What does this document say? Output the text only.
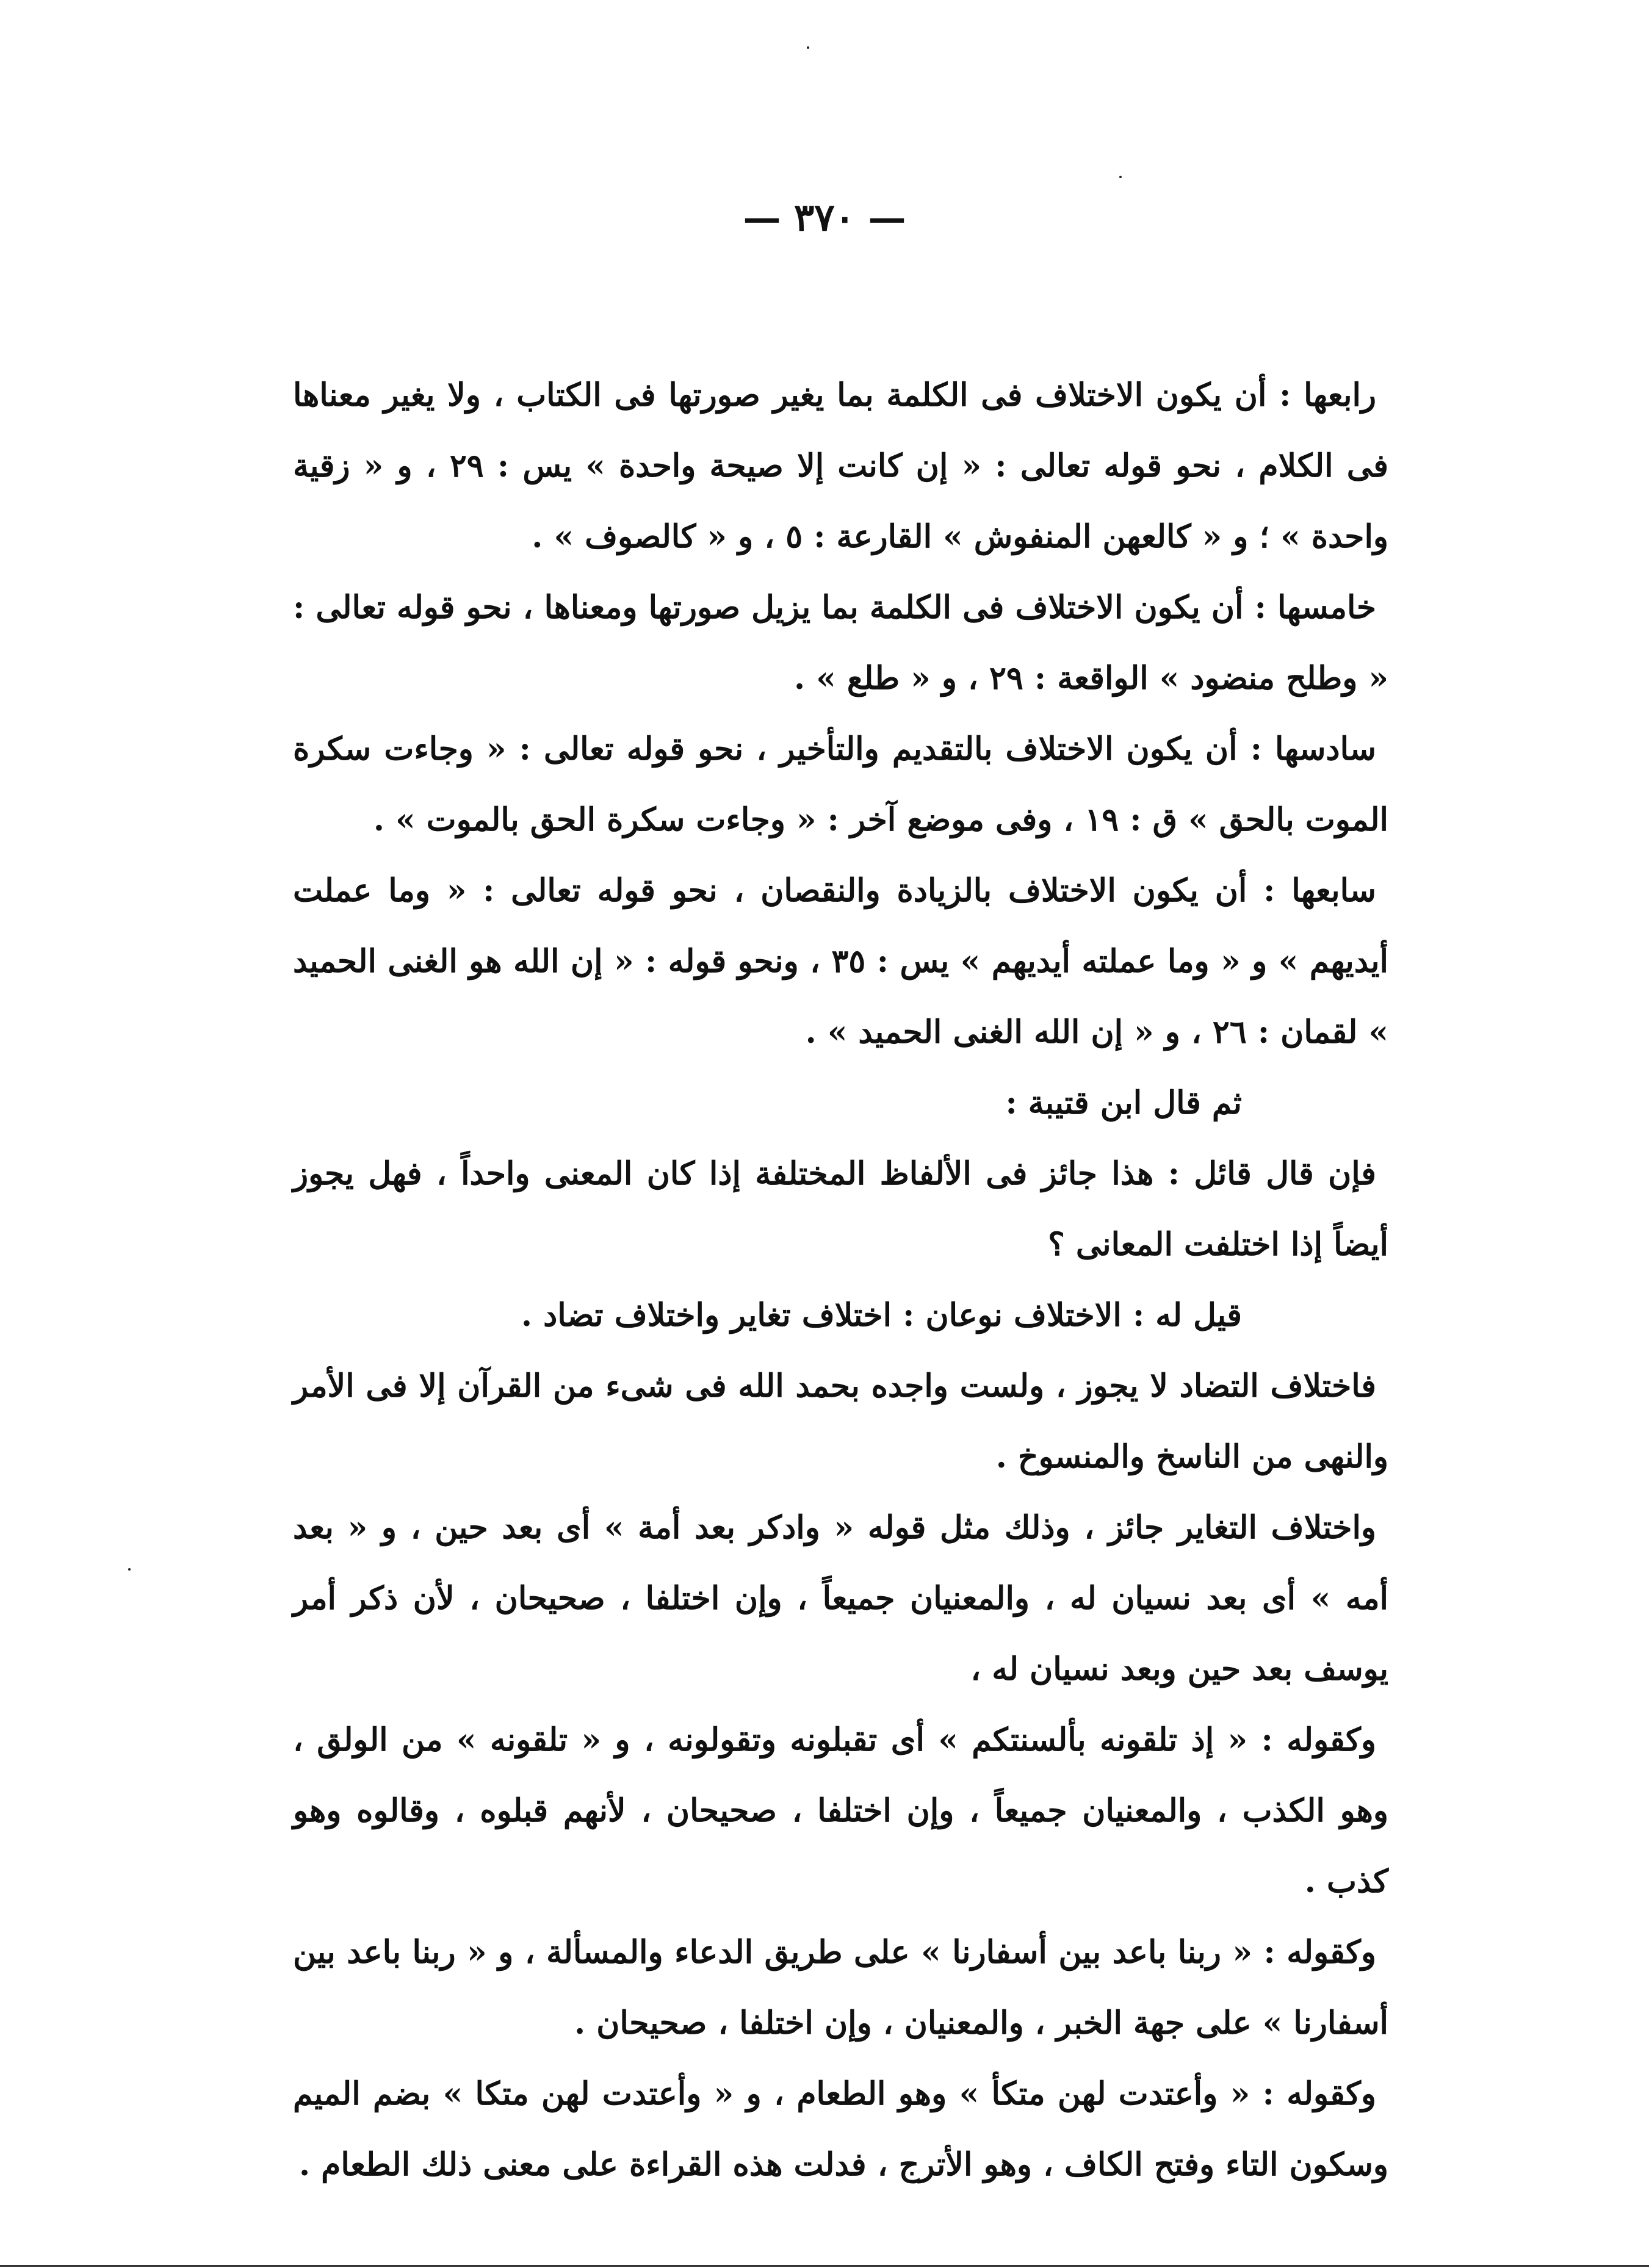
— ٣٧٠ —

رابعها : أن يكون الاختلاف فى الكلمة بما يغير صورتها فى الكتاب ، ولا يغير معناها فى الكلام ، نحو قوله تعالى : « إن كانت إلا صيحة واحدة » يس : ٢٩ ، و « زقية واحدة » ؛ و « كالعهن المنفوش » القارعة : ٥ ، و « كالصوف » .

خامسها : أن يكون الاختلاف فى الكلمة بما يزيل صورتها ومعناها ، نحو قوله تعالى : « وطلح منضود » الواقعة : ٢٩ ، و « طلع » .

سادسها : أن يكون الاختلاف بالتقديم والتأخير ، نحو قوله تعالى : « وجاءت سكرة الموت بالحق » ق : ١٩ ، وفى موضع آخر : « وجاءت سكرة الحق بالموت » .

سابعها : أن يكون الاختلاف بالزيادة والنقصان ، نحو قوله تعالى : « وما عملت أيديهم » و « وما عملته أيديهم » يس : ٣٥ ، ونحو قوله : « إن الله هو الغنى الحميد » لقمان : ٢٦ ، و « إن الله الغنى الحميد » .

ثم قال ابن قتيبة :

فإن قال قائل : هذا جائز فى الألفاظ المختلفة إذا كان المعنى واحداً ، فهل يجوز أيضاً إذا اختلفت المعانى ؟

قيل له : الاختلاف نوعان : اختلاف تغاير واختلاف تضاد .

فاختلاف التضاد لا يجوز ، ولست واجده بحمد الله فى شىء من القرآن إلا فى الأمر والنهى من الناسخ والمنسوخ .

واختلاف التغاير جائز ، وذلك مثل قوله « وادكر بعد أمة » أى بعد حين ، و « بعد أمه » أى بعد نسيان له ، والمعنيان جميعاً ، وإن اختلفا ، صحيحان ، لأن ذكر أمر يوسف بعد حين وبعد نسيان له ،

وكقوله : « إذ تلقونه بألسنتكم » أى تقبلونه وتقولونه ، و « تلقونه » من الولق ، وهو الكذب ، والمعنيان جميعاً ، وإن اختلفا ، صحيحان ، لأنهم قبلوه ، وقالوه وهو كذب .

وكقوله : « ربنا باعد بين أسفارنا » على طريق الدعاء والمسألة ، و « ربنا باعد بين أسفارنا » على جهة الخبر ، والمعنيان ، وإن اختلفا ، صحيحان .

وكقوله : « وأعتدت لهن متكأ » وهو الطعام ، و « وأعتدت لهن متكا » بضم الميم وسكون التاء وفتح الكاف ، وهو الأترج ، فدلت هذه القراءة على معنى ذلك الطعام .
